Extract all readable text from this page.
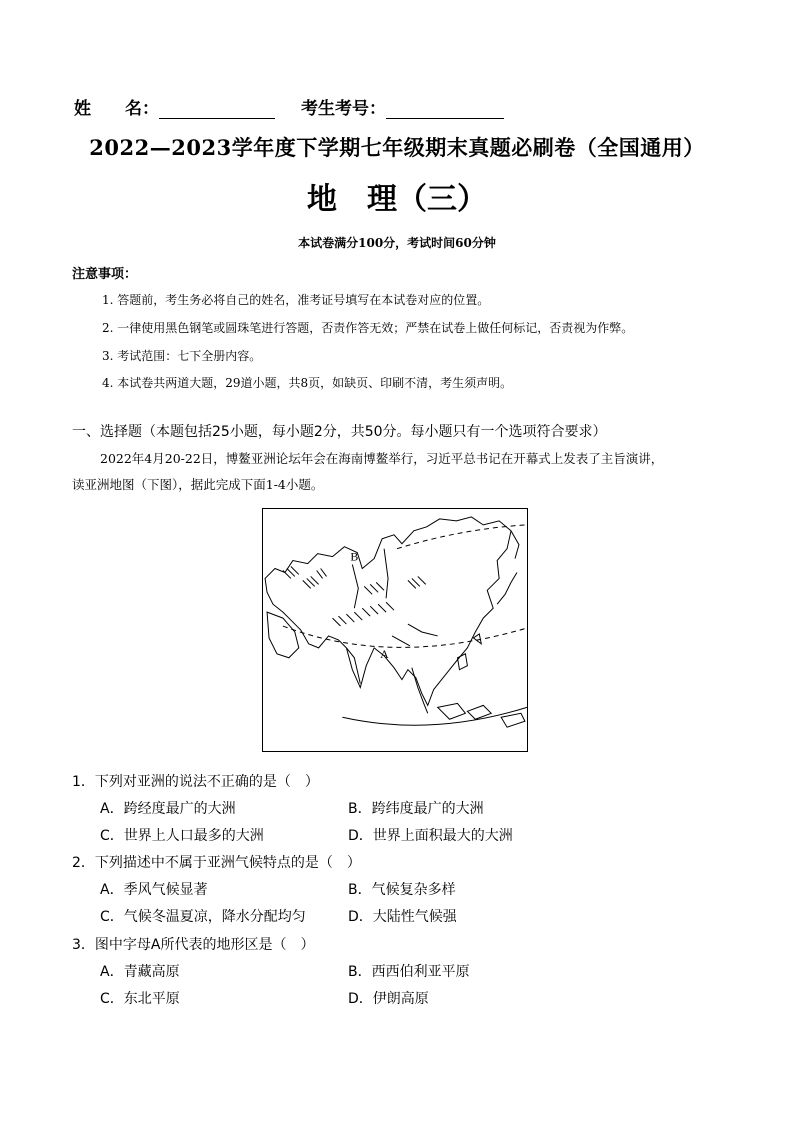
姓　　名：	考生考号：
2022—2023学年度下学期七年级期末真题必刷卷（全国通用）
地　理（三）
本试卷满分100分，考试时间60分钟
注意事项：
1. 答题前，考生务必将自己的姓名，准考证号填写在本试卷对应的位置。
2. 一律使用黑色钢笔或圆珠笔进行答题，否责作答无效；严禁在试卷上做任何标记，否责视为作弊。
3. 考试范围：七下全册内容。
4. 本试卷共两道大题，29道小题，共8页，如缺页、印刷不清，考生须声明。
一、选择题（本题包括25小题，每小题2分，共50分。每小题只有一个选项符合要求）
2022年4月20-22日，博鳌亚洲论坛年会在海南博鳌举行，习近平总书记在开幕式上发表了主旨演讲，
读亚洲地图（下图），据此完成下面1-4小题。
B
A
1．下列对亚洲的说法不正确的是（　）
A．跨经度最广的大洲	B．跨纬度最广的大洲
C．世界上人口最多的大洲	D．世界上面积最大的大洲
2．下列描述中不属于亚洲气候特点的是（　）
A．季风气候显著	B．气候复杂多样
C．气候冬温夏凉，降水分配均匀	D．大陆性气候强
3．图中字母A所代表的地形区是（　）
A．青藏高原	B．西西伯利亚平原
C．东北平原	D．伊朗高原
